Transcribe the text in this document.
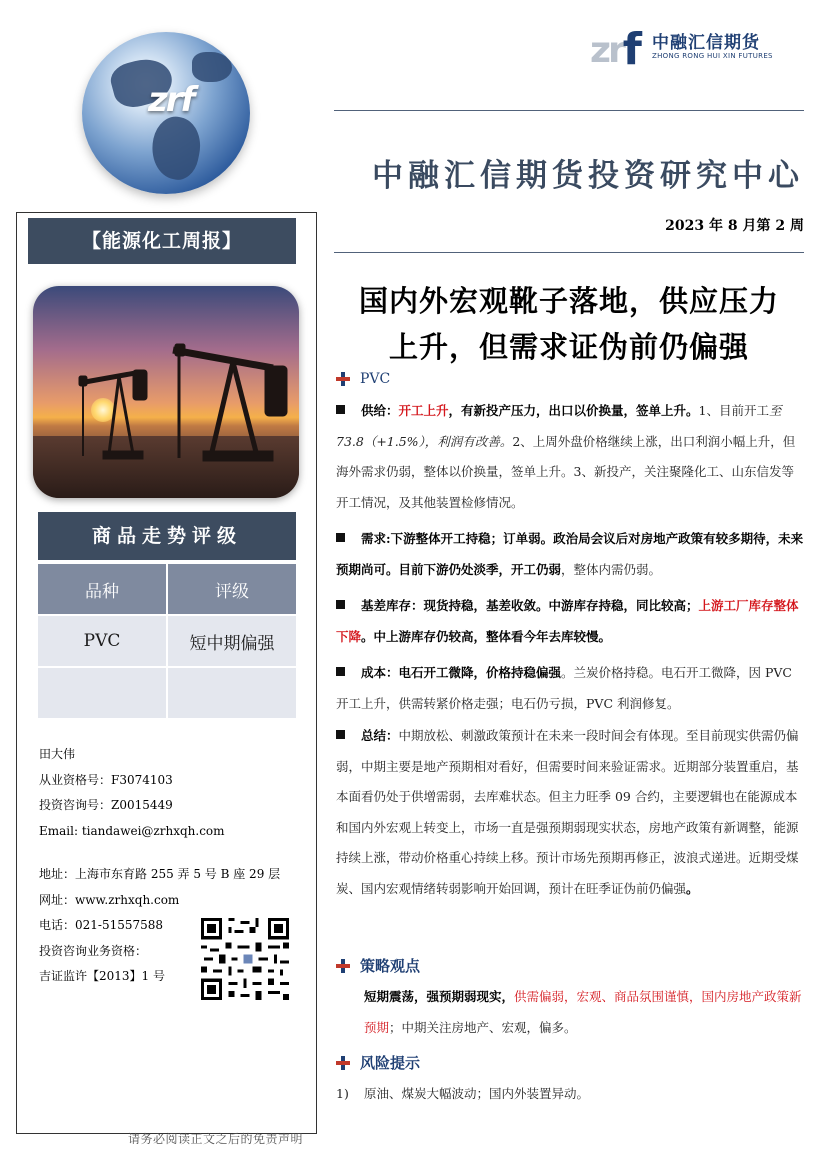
zrf
zrf 中融汇信期货
ZHONG RONG HUI XIN FUTURES
中融汇信期货投资研究中心
2023 年 8 月第 2 周
【能源化工周报】
商品走势评级
品种	评级
PVC	短中期偏强
田大伟
从业资格号：F3074103
投资咨询号：Z0015449
Email: tiandawei@zrhxqh.com
地址：上海市东育路 255 弄 5 号 B 座 29 层
网址：www.zrhxqh.com
电话：021-51557588
投资咨询业务资格：
吉证监许【2013】1 号
请务必阅读正文之后的免责声明
国内外宏观靴子落地，供应压力
上升，但需求证伪前仍偏强
PVC
供给：开工上升，有新投产压力，出口以价换量，签单上升。1、目前开工至 73.8（+1.5%），利润有改善。2、上周外盘价格继续上涨，出口利润小幅上升，但海外需求仍弱，整体以价换量，签单上升。3、新投产，关注聚隆化工、山东信发等开工情况，及其他装置检修情况。
需求:下游整体开工持稳；订单弱。政治局会议后对房地产政策有较多期待，未来预期尚可。目前下游仍处淡季，开工仍弱，整体内需仍弱。
基差库存：现货持稳，基差收敛。中游库存持稳，同比较高；上游工厂库存整体下降。中上游库存仍较高，整体看今年去库较慢。
成本：电石开工微降，价格持稳偏强。兰炭价格持稳。电石开工微降，因 PVC 开工上升，供需转紧价格走强；电石仍亏损，PVC 利润修复。
总结：中期放松、刺激政策预计在未来一段时间会有体现。至目前现实供需仍偏弱，中期主要是地产预期相对看好，但需要时间来验证需求。近期部分装置重启，基本面看仍处于供增需弱，去库难状态。但主力旺季 09 合约，主要逻辑也在能源成本和国内外宏观上转变上，市场一直是强预期弱现实状态，房地产政策有新调整，能源持续上涨，带动价格重心持续上移。预计市场先预期再修正，波浪式递进。近期受煤炭、国内宏观情绪转弱影响开始回调，预计在旺季证伪前仍偏强。
策略观点
短期震荡，强预期弱现实，供需偏弱，宏观、商品氛围谨慎，国内房地产政策新预期；中期关注房地产、宏观，偏多。
风险提示
1) 原油、煤炭大幅波动；国内外装置异动。
